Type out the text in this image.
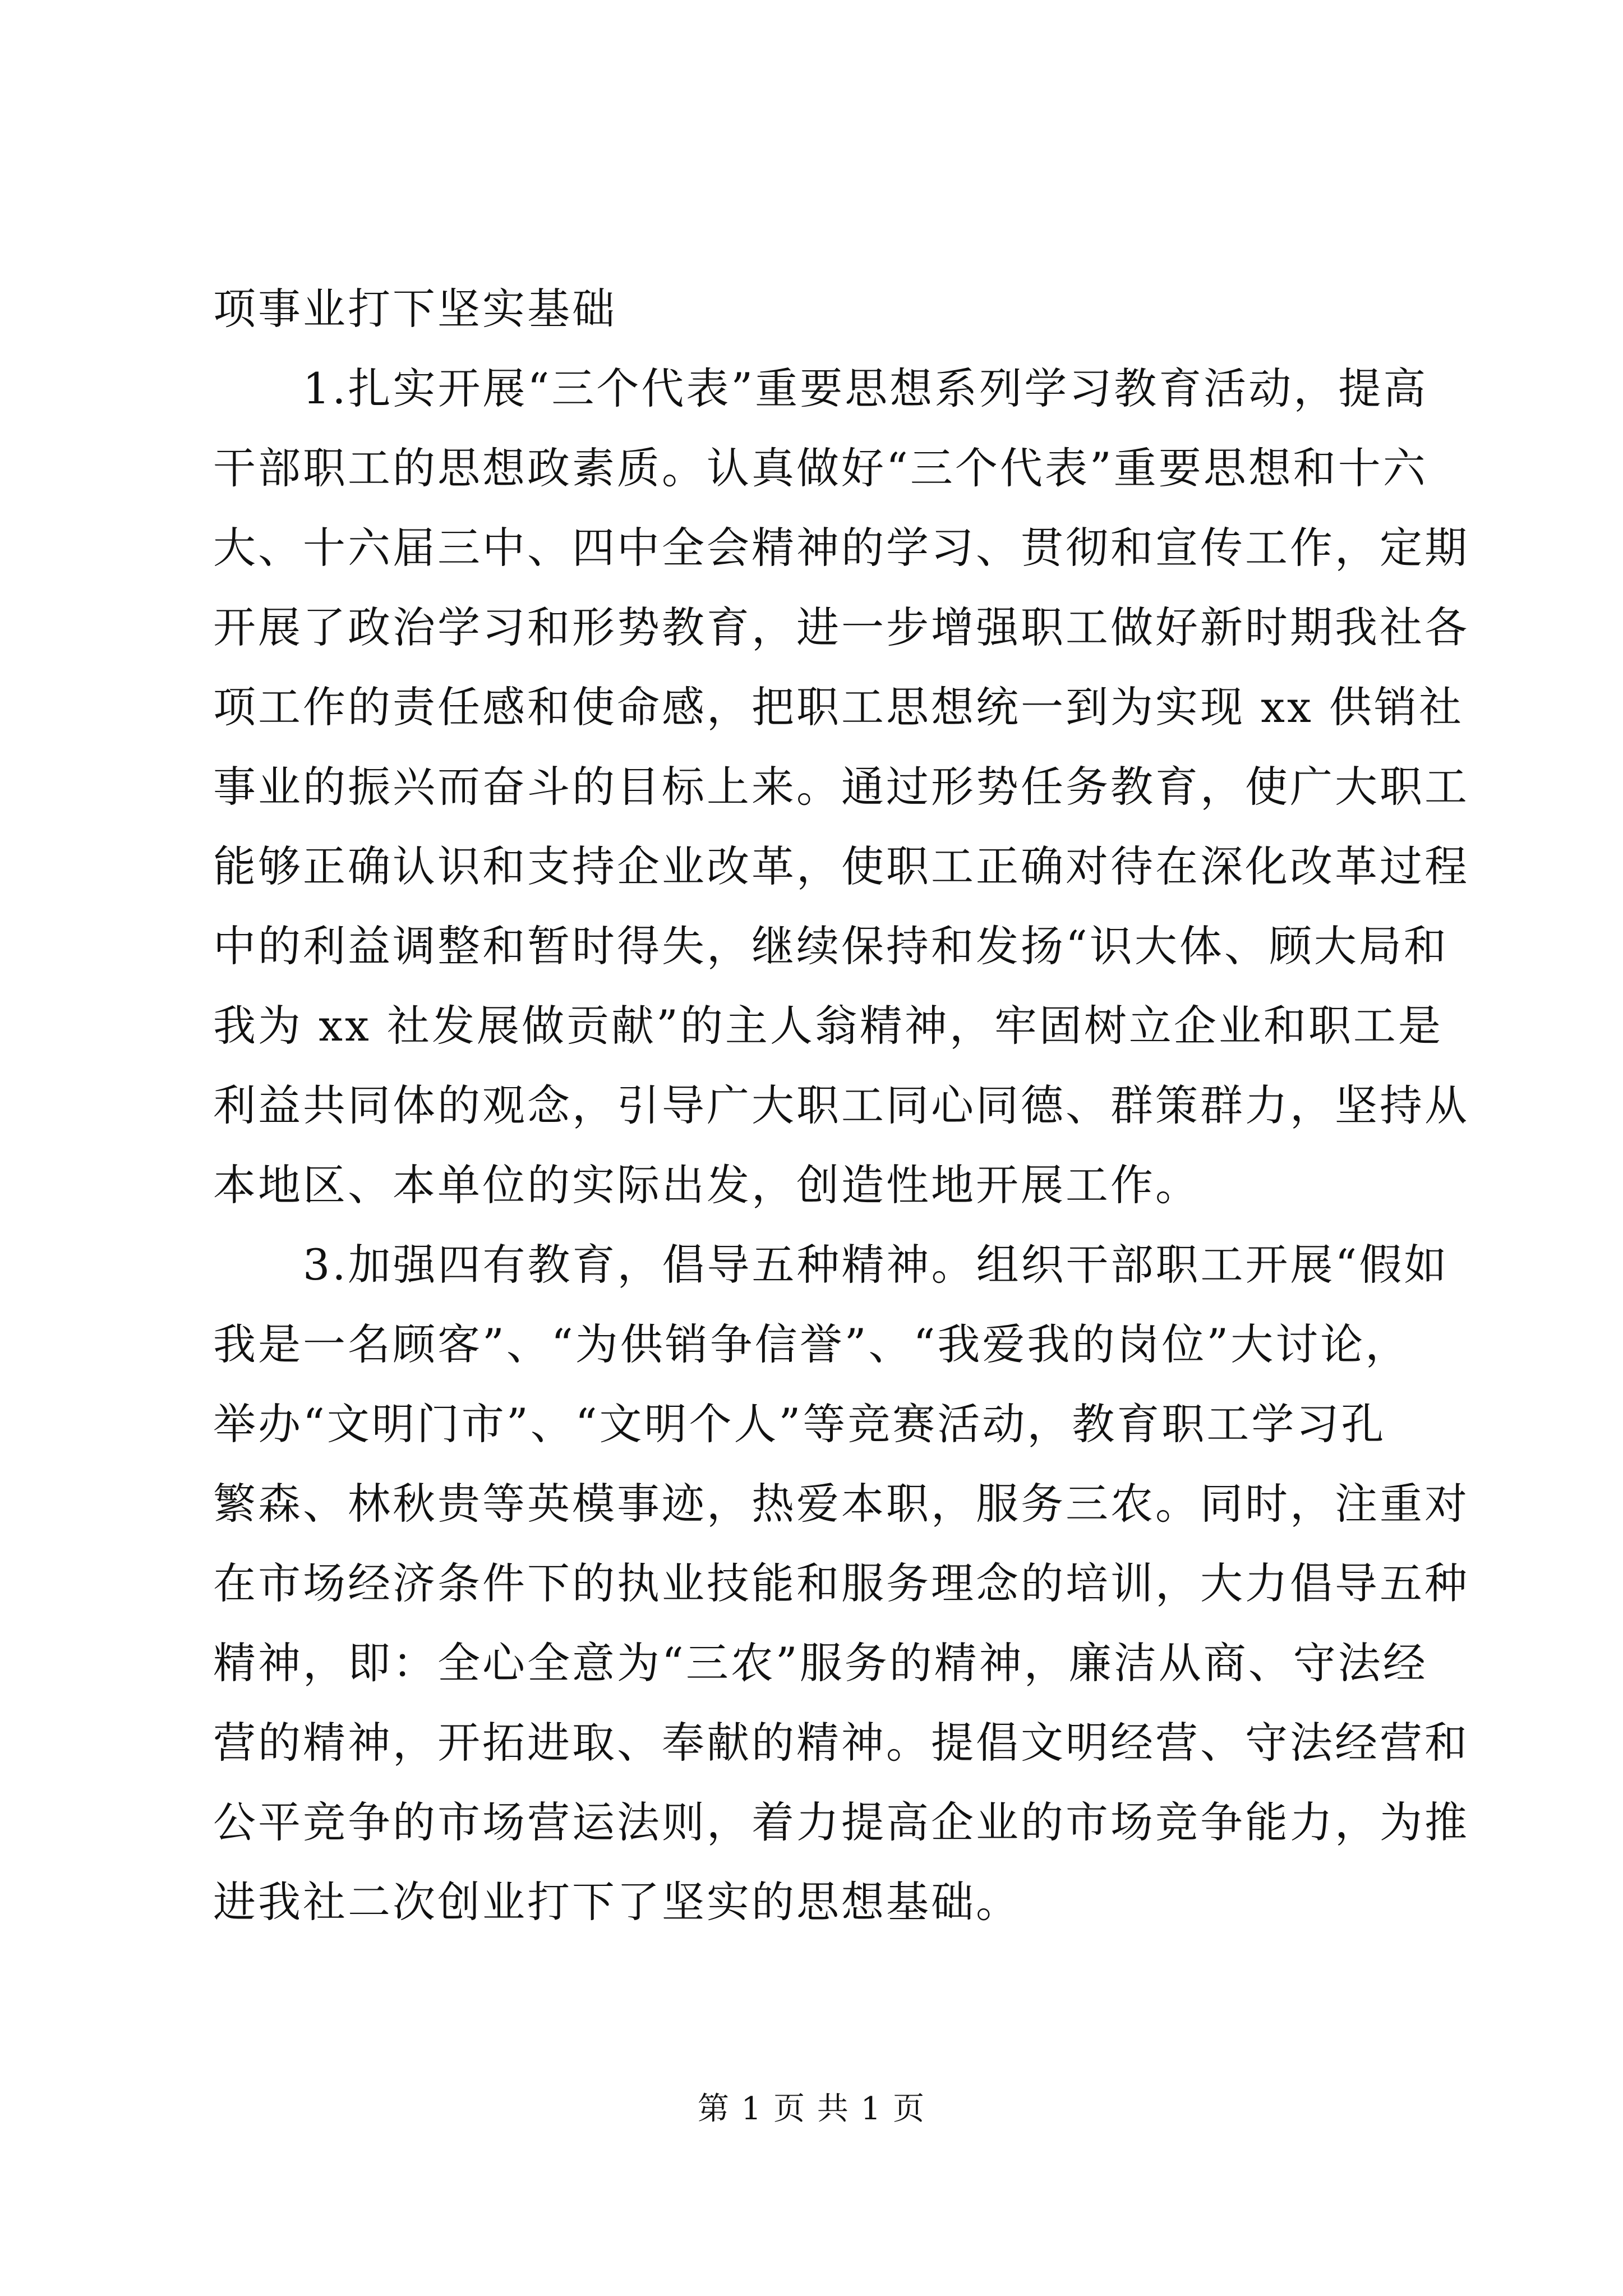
项事业打下坚实基础
1.扎实开展“三个代表”重要思想系列学习教育活动，提高
干部职工的思想政素质。认真做好“三个代表”重要思想和十六
大、十六届三中、四中全会精神的学习、贯彻和宣传工作，定期
开展了政治学习和形势教育，进一步增强职工做好新时期我社各
项工作的责任感和使命感，把职工思想统一到为实现 xx 供销社
事业的振兴而奋斗的目标上来。通过形势任务教育，使广大职工
能够正确认识和支持企业改革，使职工正确对待在深化改革过程
中的利益调整和暂时得失，继续保持和发扬“识大体、顾大局和
我为 xx 社发展做贡献”的主人翁精神，牢固树立企业和职工是
利益共同体的观念，引导广大职工同心同德、群策群力，坚持从
本地区、本单位的实际出发，创造性地开展工作。
3.加强四有教育，倡导五种精神。组织干部职工开展“假如
我是一名顾客”、“为供销争信誉”、“我爱我的岗位”大讨论，
举办“文明门市”、“文明个人”等竞赛活动，教育职工学习孔
繁森、林秋贵等英模事迹，热爱本职，服务三农。同时，注重对
在市场经济条件下的执业技能和服务理念的培训，大力倡导五种
精神，即：全心全意为“三农”服务的精神，廉洁从商、守法经
营的精神，开拓进取、奉献的精神。提倡文明经营、守法经营和
公平竞争的市场营运法则，着力提高企业的市场竞争能力，为推
进我社二次创业打下了坚实的思想基础。
第 1 页 共 1 页
